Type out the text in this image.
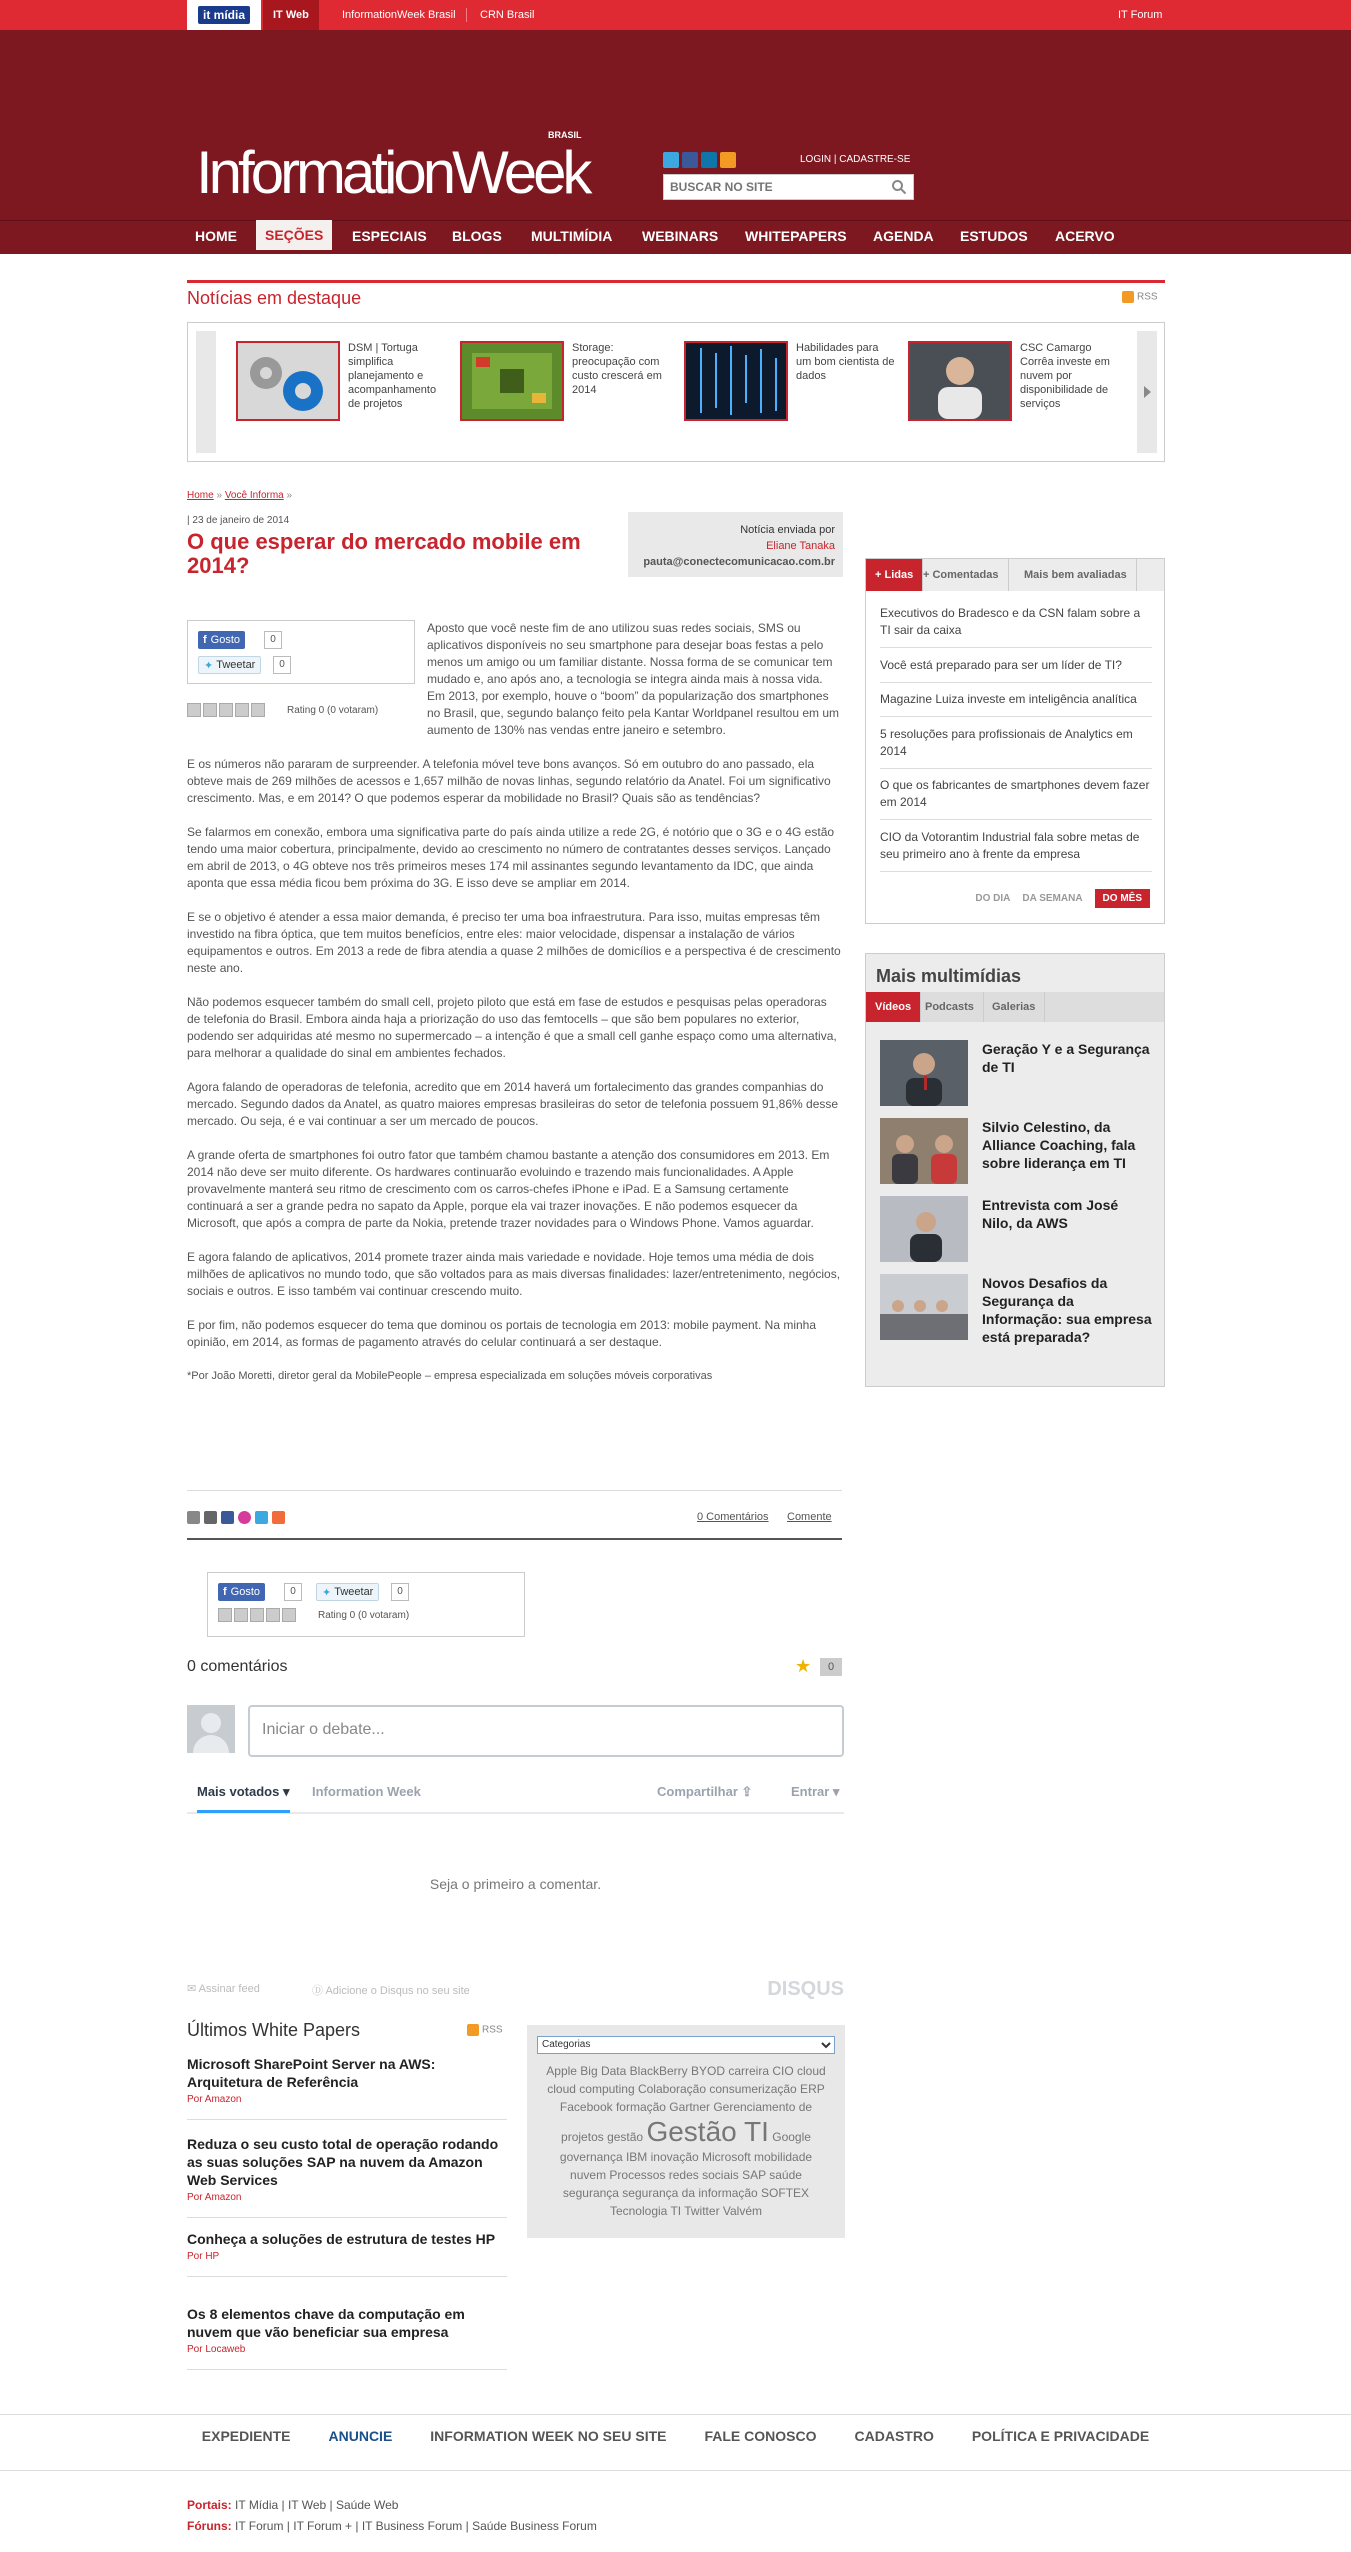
it mídia	IT Web	InformationWeek Brasil	CRN Brasil	IT Forum
InformationWeek
BRASIL
LOGIN | CADASTRE-SE
BUSCAR NO SITE
HOME	SEÇÕES	ESPECIAIS	BLOGS	MULTIMÍDIA	WEBINARS	WHITEPAPERS	AGENDA	ESTUDOS	ACERVO
Notícias em destaque	RSS
DSM | Tortuga simplifica planejamento e acompanhamento de projetos
Storage: preocupação com custo crescerá em 2014
Habilidades para um bom cientista de dados
CSC Camargo Corrêa investe em nuvem por disponibilidade de serviços
Home » Você Informa »
| 23 de janeiro de 2014
O que esperar do mercado mobile em 2014?
Notícia enviada por
Eliane Tanaka
pauta@conectecomunicacao.com.br

Aposto que você neste fim de ano utilizou suas redes sociais, SMS ou aplicativos disponíveis no seu smartphone para desejar boas festas a pelo menos um amigo ou um familiar distante. Nossa forma de se comunicar tem mudado e, ano após ano, a tecnologia se integra ainda mais à nossa vida. Em 2013, por exemplo, houve o “boom” da popularização dos smartphones no Brasil, que, segundo balanço feito pela Kantar Worldpanel resultou em um aumento de 130% nas vendas entre janeiro e setembro.

E os números não pararam de surpreender. A telefonia móvel teve bons avanços. Só em outubro do ano passado, ela obteve mais de 269 milhões de acessos e 1,657 milhão de novas linhas, segundo relatório da Anatel. Foi um significativo crescimento. Mas, e em 2014? O que podemos esperar da mobilidade no Brasil? Quais são as tendências?

Se falarmos em conexão, embora uma significativa parte do país ainda utilize a rede 2G, é notório que o 3G e o 4G estão tendo uma maior cobertura, principalmente, devido ao crescimento no número de contratantes desses serviços. Lançado em abril de 2013, o 4G obteve nos três primeiros meses 174 mil assinantes segundo levantamento da IDC, que ainda aponta que essa média ficou bem próxima do 3G. E isso deve se ampliar em 2014.

E se o objetivo é atender a essa maior demanda, é preciso ter uma boa infraestrutura. Para isso, muitas empresas têm investido na fibra óptica, que tem muitos benefícios, entre eles: maior velocidade, dispensar a instalação de vários equipamentos e outros. Em 2013 a rede de fibra atendia a quase 2 milhões de domicílios e a perspectiva é de crescimento neste ano.

Não podemos esquecer também do small cell, projeto piloto que está em fase de estudos e pesquisas pelas operadoras de telefonia do Brasil. Embora ainda haja a priorização do uso das femtocells – que são bem populares no exterior, podendo ser adquiridas até mesmo no supermercado – a intenção é que a small cell ganhe espaço como uma alternativa, para melhorar a qualidade do sinal em ambientes fechados.

Agora falando de operadoras de telefonia, acredito que em 2014 haverá um fortalecimento das grandes companhias do mercado. Segundo dados da Anatel, as quatro maiores empresas brasileiras do setor de telefonia possuem 91,86% desse mercado. Ou seja, é e vai continuar a ser um mercado de poucos.

A grande oferta de smartphones foi outro fator que também chamou bastante a atenção dos consumidores em 2013. Em 2014 não deve ser muito diferente. Os hardwares continuarão evoluindo e trazendo mais funcionalidades. A Apple provavelmente manterá seu ritmo de crescimento com os carros-chefes iPhone e iPad. E a Samsung certamente continuará a ser a grande pedra no sapato da Apple, porque ela vai trazer inovações. E não podemos esquecer da Microsoft, que após a compra de parte da Nokia, pretende trazer novidades para o Windows Phone. Vamos aguardar.

E agora falando de aplicativos, 2014 promete trazer ainda mais variedade e novidade. Hoje temos uma média de dois milhões de aplicativos no mundo todo, que são voltados para as mais diversas finalidades: lazer/entretenimento, negócios, sociais e outros. E isso também vai continuar crescendo muito.

E por fim, não podemos esquecer do tema que dominou os portais de tecnologia em 2013: mobile payment. Na minha opinião, em 2014, as formas de pagamento através do celular continuará a ser destaque.

*Por João Moretti, diretor geral da MobilePeople – empresa especializada em soluções móveis corporativas

f Gosto	0
✦ Tweetar	0
Rating 0 (0 votaram)
0 Comentários Comente
f Gosto	0	✦ Tweetar	0
Rating 0 (0 votaram)
0 comentários	★	0
Iniciar o debate...
Mais votados ▾ Information Week	Compartilhar ⇪	Entrar ▾
Seja o primeiro a comentar.
✉ Assinar feed	Ⓓ Adicione o Disqus no seu site	DISQUS
Últimos White Papers	RSS
Microsoft SharePoint Server na AWS: Arquitetura de Referência
Por Amazon
Reduza o seu custo total de operação rodando as suas soluções SAP na nuvem da Amazon Web Services
Por Amazon
Conheça a soluções de estrutura de testes HP
Por HP
Os 8 elementos chave da computação em nuvem que vão beneficiar sua empresa
Por Locaweb
Categorias
Apple Big Data BlackBerry BYOD carreira CIO cloud
cloud computing Colaboração consumerização ERP
Facebook formação Gartner Gerenciamento de
projetos gestão Gestão TI Google
governança IBM inovação Microsoft mobilidade
nuvem Processos redes sociais SAP saúde
segurança segurança da informação SOFTEX
Tecnologia TI Twitter Valvém
+ Lidas + Comentadas	Mais bem avaliadas
Executivos do Bradesco e da CSN falam sobre a TI sair da caixa
Você está preparado para ser um líder de TI?
Magazine Luiza investe em inteligência analítica
5 resoluções para profissionais de Analytics em 2014
O que os fabricantes de smartphones devem fazer em 2014
CIO da Votorantim Industrial fala sobre metas de seu primeiro ano à frente da empresa
DO DIA DA SEMANA	DO MÊS
Mais multimídias
Vídeos	Podcasts	Galerias
Geração Y e a Segurança de TI
Silvio Celestino, da Alliance Coaching, fala sobre liderança em TI
Entrevista com José Nilo, da AWS
Novos Desafios da Segurança da Informação: sua empresa está preparada?
EXPEDIENTE	ANUNCIE	INFORMATION WEEK NO SEU SITE	FALE CONOSCO	CADASTRO	POLÍTICA E PRIVACIDADE
Portais: IT Mídia | IT Web | Saúde Web
Fóruns: IT Forum | IT Forum + | IT Business Forum | Saúde Business Forum
